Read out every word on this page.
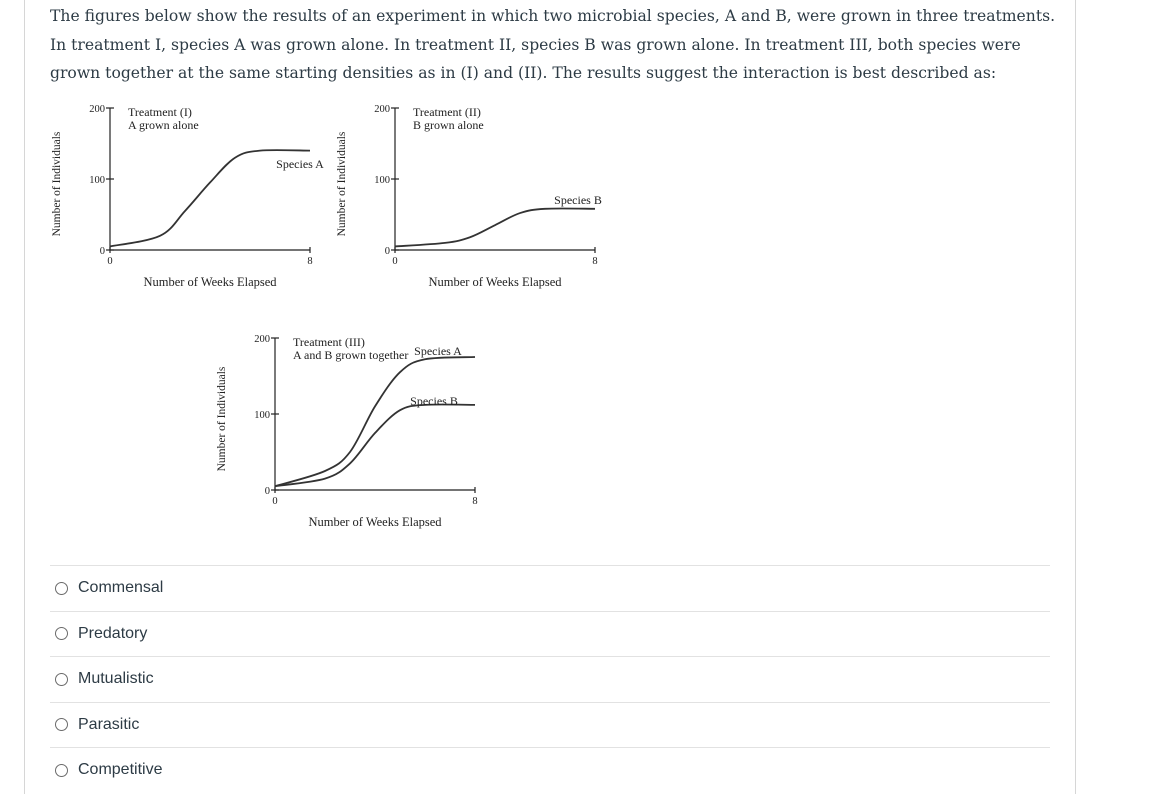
The figures below show the results of an experiment in which two microbial species, A and B, were grown in three treatments. In treatment I, species A was grown alone. In treatment II, species B was grown alone. In treatment III, both species were grown together at the same starting densities as in (I) and (II). The results suggest the interaction is best described as:
0
100
200
0	8
Number of Weeks Elapsed
Number of Individuals
Treatment (I)
A grown alone
Species A
0
100
200
0	8
Number of Weeks Elapsed
Number of Individuals
Treatment (II)
B grown alone
Species B
0
100
200
0	8
Number of Weeks Elapsed
Number of Individuals
Treatment (III)
A and B grown together Species A
Species B
Commensal
Predatory
Mutualistic
Parasitic
Competitive
